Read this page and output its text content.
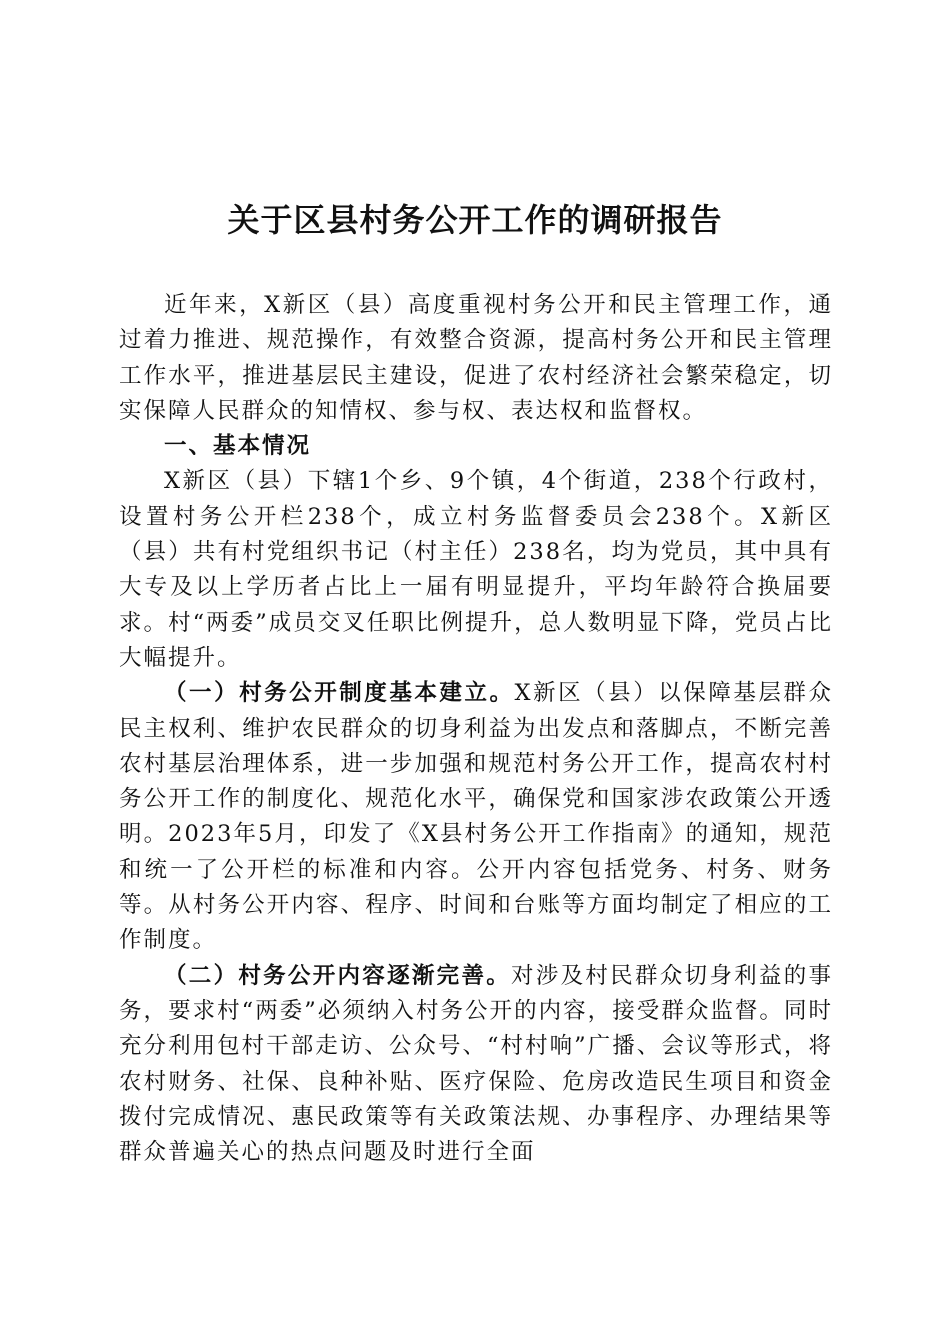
关于区县村务公开工作的调研报告

近年来，X新区（县）高度重视村务公开和民主管理工作，通过着力推进、规范操作，有效整合资源，提高村务公开和民主管理工作水平，推进基层民主建设，促进了农村经济社会繁荣稳定，切实保障人民群众的知情权、参与权、表达权和监督权。

一、基本情况

X新区（县）下辖1个乡、9个镇，4个街道，238个行政村，设置村务公开栏238个，成立村务监督委员会238个。X新区（县）共有村党组织书记（村主任）238名，均为党员，其中具有大专及以上学历者占比上一届有明显提升，平均年龄符合换届要求。村“两委”成员交叉任职比例提升，总人数明显下降，党员占比大幅提升。

（一）村务公开制度基本建立。X新区（县）以保障基层群众民主权利、维护农民群众的切身利益为出发点和落脚点，不断完善农村基层治理体系，进一步加强和规范村务公开工作，提高农村村务公开工作的制度化、规范化水平，确保党和国家涉农政策公开透明。2023年5月，印发了《X县村务公开工作指南》的通知，规范和统一了公开栏的标准和内容。公开内容包括党务、村务、财务等。从村务公开内容、程序、时间和台账等方面均制定了相应的工作制度。

（二）村务公开内容逐渐完善。对涉及村民群众切身利益的事务，要求村“两委”必须纳入村务公开的内容，接受群众监督。同时充分利用包村干部走访、公众号、“村村响”广播、会议等形式，将农村财务、社保、良种补贴、医疗保险、危房改造民生项目和资金拨付完成情况、惠民政策等有关政策法规、办事程序、办理结果等群众普遍关心的热点问题及时进行全面
